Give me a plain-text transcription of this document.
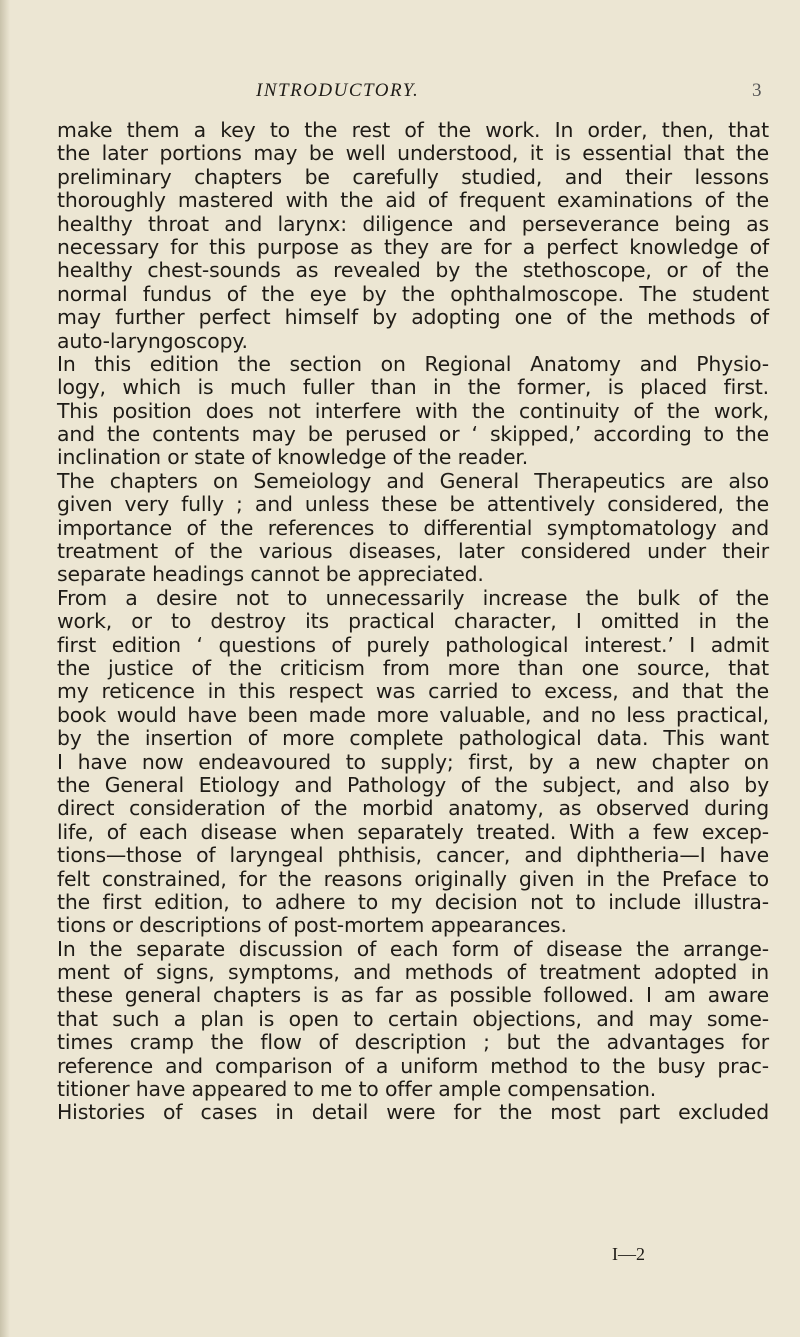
INTRODUCTORY.	3
make them a key to the rest of the work. In order, then, that
the later portions may be well understood, it is essential that the
preliminary chapters be carefully studied, and their lessons
thoroughly mastered with the aid of frequent examinations of the
healthy throat and larynx: diligence and perseverance being as
necessary for this purpose as they are for a perfect knowledge of
healthy chest-sounds as revealed by the stethoscope, or of the
normal fundus of the eye by the ophthalmoscope. The student
may further perfect himself by adopting one of the methods of
auto-laryngoscopy.
In this edition the section on Regional Anatomy and Physio-
logy, which is much fuller than in the former, is placed first.
This position does not interfere with the continuity of the work,
and the contents may be perused or ‘ skipped,’ according to the
inclination or state of knowledge of the reader.
The chapters on Semeiology and General Therapeutics are also
given very fully ; and unless these be attentively considered, the
importance of the references to differential symptomatology and
treatment of the various diseases, later considered under their
separate headings cannot be appreciated.
From a desire not to unnecessarily increase the bulk of the
work, or to destroy its practical character, I omitted in the
first edition ‘ questions of purely pathological interest.’ I admit
the justice of the criticism from more than one source, that
my reticence in this respect was carried to excess, and that the
book would have been made more valuable, and no less practical,
by the insertion of more complete pathological data. This want
I have now endeavoured to supply; first, by a new chapter on
the General Etiology and Pathology of the subject, and also by
direct consideration of the morbid anatomy, as observed during
life, of each disease when separately treated. With a few excep-
tions—those of laryngeal phthisis, cancer, and diphtheria—I have
felt constrained, for the reasons originally given in the Preface to
the first edition, to adhere to my decision not to include illustra-
tions or descriptions of post-mortem appearances.
In the separate discussion of each form of disease the arrange-
ment of signs, symptoms, and methods of treatment adopted in
these general chapters is as far as possible followed. I am aware
that such a plan is open to certain objections, and may some-
times cramp the flow of description ; but the advantages for
reference and comparison of a uniform method to the busy prac-
titioner have appeared to me to offer ample compensation.
Histories of cases in detail were for the most part excluded
I—2
